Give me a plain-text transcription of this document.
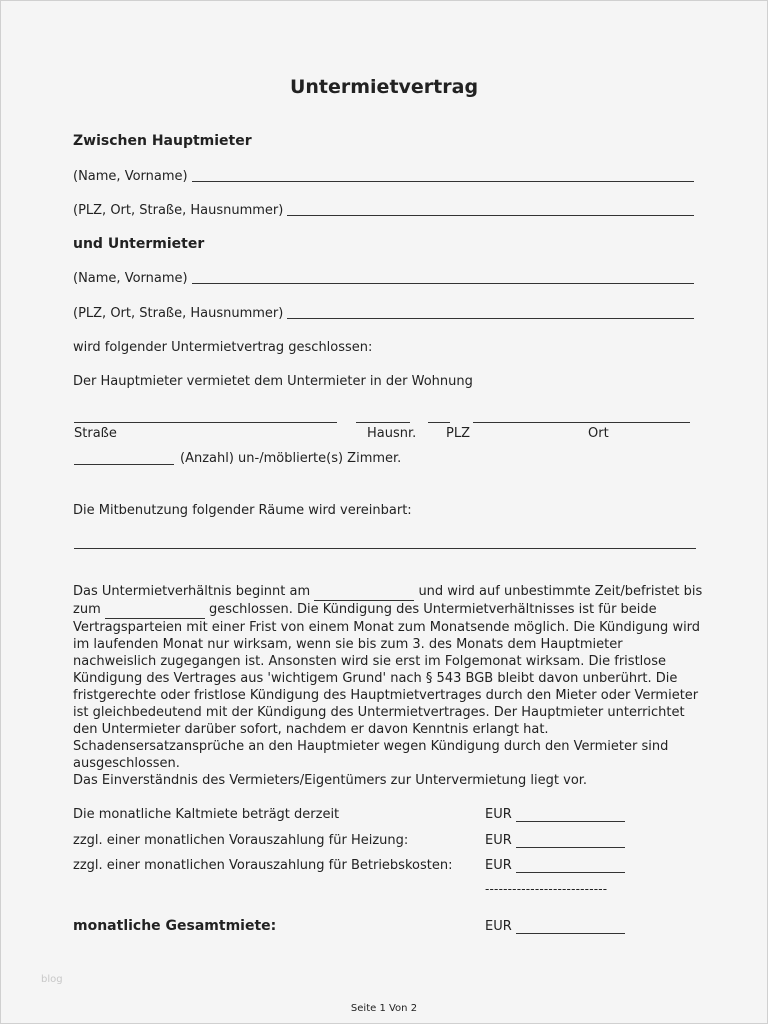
Untermietvertrag
Zwischen Hauptmieter
(Name, Vorname)
(PLZ, Ort, Straße, Hausnummer)
und Untermieter
(Name, Vorname)
(PLZ, Ort, Straße, Hausnummer)
wird folgender Untermietvertrag geschlossen:
Der Hauptmieter vermietet dem Untermieter in der Wohnung
Straße	Hausnr. PLZ	Ort
(Anzahl) un-/möblierte(s) Zimmer.
Die Mitbenutzung folgender Räume wird vereinbart:
Das Untermietverhältnis beginnt am	und wird auf unbestimmte Zeit/befristet bis zum	geschlossen. Die Kündigung des Untermietverhältnisses ist für beide Vertragsparteien mit einer Frist von einem Monat zum Monatsende möglich. Die Kündigung wird im laufenden Monat nur wirksam, wenn sie bis zum 3. des Monats dem Hauptmieter nachweislich zugegangen ist. Ansonsten wird sie erst im Folgemonat wirksam. Die fristlose Kündigung des Vertrages aus 'wichtigem Grund' nach § 543 BGB bleibt davon unberührt. Die fristgerechte oder fristlose Kündigung des Hauptmietvertrages durch den Mieter oder Vermieter ist gleichbedeutend mit der Kündigung des Untermietvertrages. Der Hauptmieter unterrichtet den Untermieter darüber sofort, nachdem er davon Kenntnis erlangt hat. Schadensersatzansprüche an den Hauptmieter wegen Kündigung durch den Vermieter sind ausgeschlossen.
Das Einverständnis des Vermieters/Eigentümers zur Untervermietung liegt vor.
Die monatliche Kaltmiete beträgt derzeit	EUR
zzgl. einer monatlichen Vorauszahlung für Heizung:	EUR
zzgl. einer monatlichen Vorauszahlung für Betriebskosten:	EUR
---------------------------
monatliche Gesamtmiete:	EUR
blog
Seite 1 Von 2
